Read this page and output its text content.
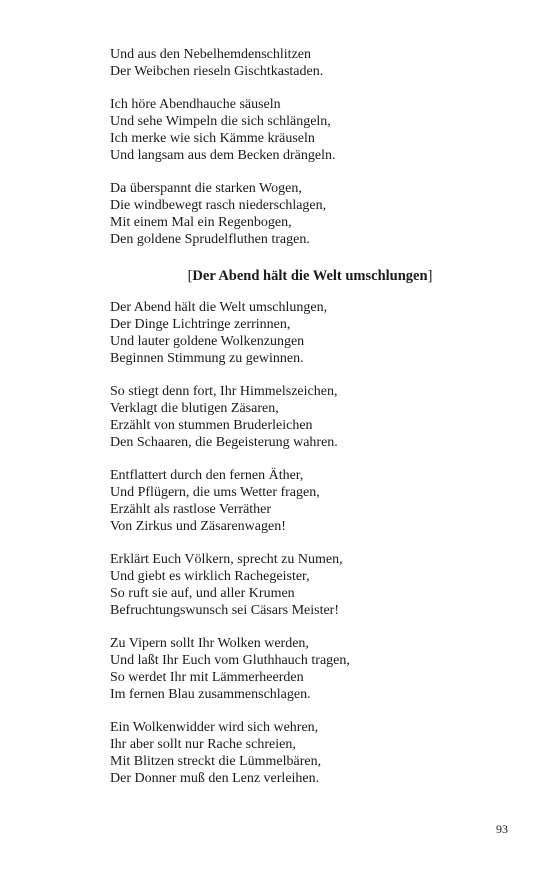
Und aus den Nebelhemdenschlitzen
Der Weibchen rieseln Gischtkastaden.
Ich höre Abendhauche säuseln
Und sehe Wimpeln die sich schlängeln,
Ich merke wie sich Kämme kräuseln
Und langsam aus dem Becken drängeln.
Da überspannt die starken Wogen,
Die windbewegt rasch niederschlagen,
Mit einem Mal ein Regenbogen,
Den goldene Sprudelfluthen tragen.
[Der Abend hält die Welt umschlungen]
Der Abend hält die Welt umschlungen,
Der Dinge Lichtringe zerrinnen,
Und lauter goldene Wolkenzungen
Beginnen Stimmung zu gewinnen.
So stiegt denn fort, Ihr Himmelszeichen,
Verklagt die blutigen Zäsaren,
Erzählt von stummen Bruderleichen
Den Schaaren, die Begeisterung wahren.
Entflattert durch den fernen Äther,
Und Pflügern, die ums Wetter fragen,
Erzählt als rastlose Verräther
Von Zirkus und Zäsarenwagen!
Erklärt Euch Völkern, sprecht zu Numen,
Und giebt es wirklich Rachegeister,
So ruft sie auf, und aller Krumen
Befruchtungswunsch sei Cäsars Meister!
Zu Vipern sollt Ihr Wolken werden,
Und laßt Ihr Euch vom Gluthhauch tragen,
So werdet Ihr mit Lämmerheerden
Im fernen Blau zusammenschlagen.
Ein Wolkenwidder wird sich wehren,
Ihr aber sollt nur Rache schreien,
Mit Blitzen streckt die Lümmelbären,
Der Donner muß den Lenz verleihen.
93
